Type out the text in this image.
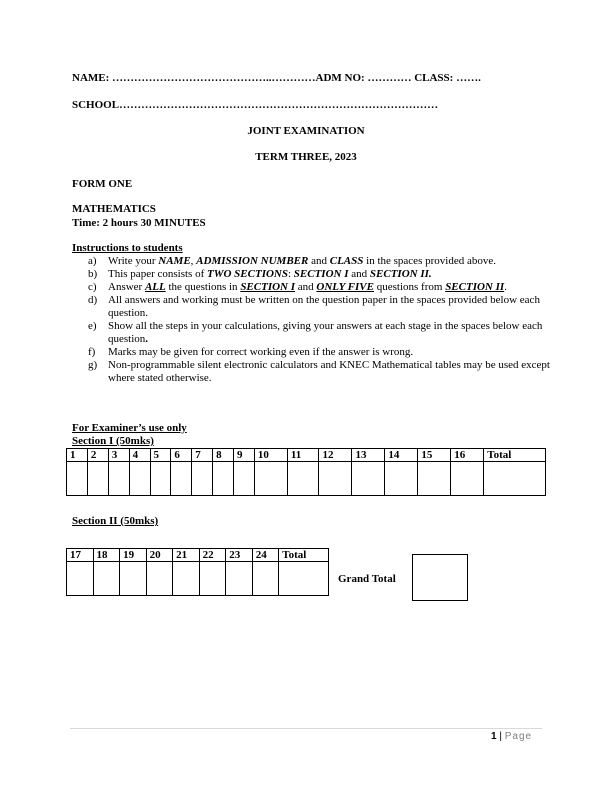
NAME: ……………………………………..…………ADM NO: ………… CLASS: …….
SCHOOL……………………………………………………………………………
JOINT EXAMINATION
TERM THREE, 2023
FORM ONE
MATHEMATICS
Time: 2 hours 30 MINUTES
Instructions to students
a) Write your NAME, ADMISSION NUMBER and CLASS in the spaces provided above.
b) This paper consists of TWO SECTIONS: SECTION I and SECTION II.
c) Answer ALL the questions in SECTION I and ONLY FIVE questions from SECTION II.
d) All answers and working must be written on the question paper in the spaces provided below each question.
e) Show all the steps in your calculations, giving your answers at each stage in the spaces below each question.
f) Marks may be given for correct working even if the answer is wrong.
g) Non-programmable silent electronic calculators and KNEC Mathematical tables may be used except where stated otherwise.
For Examiner’s use only
Section I (50mks)
1	2	3	4	5	6	7	8	9	10	11	12	13	14	15	16	Total

Section II (50mks)
17	18	19	20	21	22	23	24	Total

Grand Total
1 | Page
